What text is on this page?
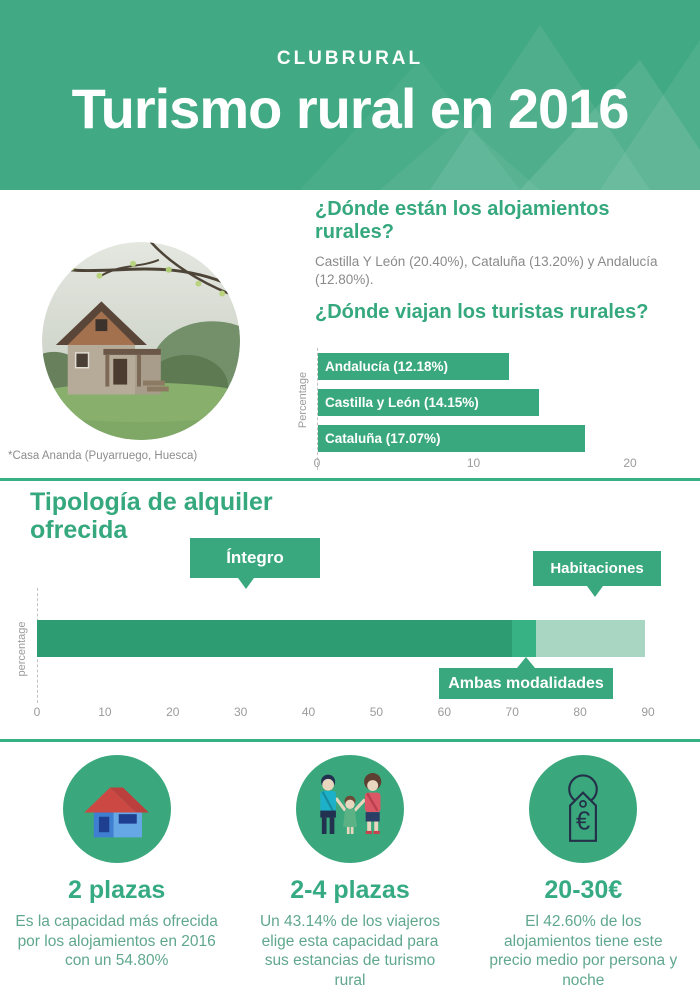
CLUBRURAL
Turismo rural en 2016
*Casa Ananda (Puyarruego, Huesca)
¿Dónde están los alojamientos rurales?
Castilla Y León (20.40%), Cataluña (13.20%) y Andalucía (12.80%).
¿Dónde viajan los turistas rurales?
Percentage
Andalucía (12.18%)
Castilla y León (14.15%)
Cataluña (17.07%)
0	10	20
Tipología de alquiler ofrecida
Íntegro
Habitaciones
percentage
Ambas modalidades
0	10	20	30	40	50	60	70	80	90
2 plazas

Es la capacidad más ofrecida por los alojamientos en 2016 con un 54.80%

2-4 plazas

Un 43.14% de los viajeros elige esta capacidad para sus estancias de turismo rural

€
20-30€

El 42.60% de los alojamientos tiene este precio medio por persona y noche
